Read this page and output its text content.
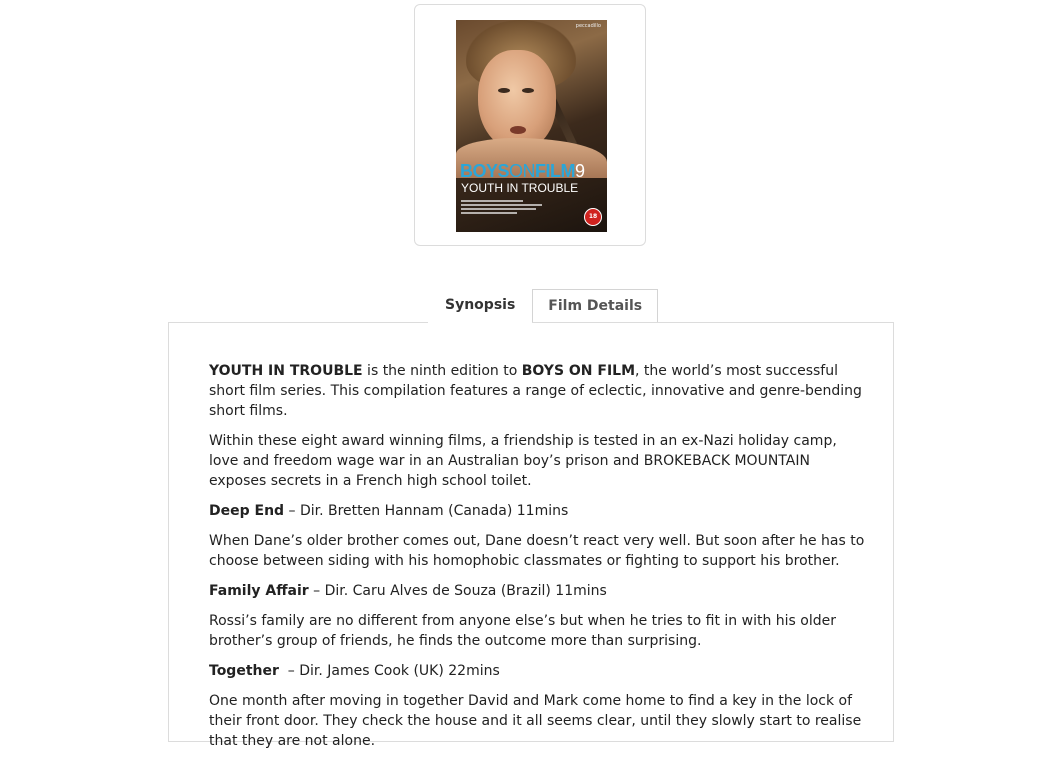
peccadillo
BOYSONFILM9
YOUTH IN TROUBLE
18
Synopsis	Film Details

YOUTH IN TROUBLE is the ninth edition to BOYS ON FILM, the world’s most successful short film series. This compilation features a range of eclectic, innovative and genre-bending short films.

Within these eight award winning films, a friendship is tested in an ex-Nazi holiday camp, love and freedom wage war in an Australian boy’s prison and BROKEBACK MOUNTAIN exposes secrets in a French high school toilet.

Deep End – Dir. Bretten Hannam (Canada) 11mins

When Dane’s older brother comes out, Dane doesn’t react very well. But soon after he has to choose between siding with his homophobic classmates or fighting to support his brother.

Family Affair – Dir. Caru Alves de Souza (Brazil) 11mins

Rossi’s family are no different from anyone else’s but when he tries to fit in with his older brother’s group of friends, he finds the outcome more than surprising.

Together  – Dir. James Cook (UK) 22mins

One month after moving in together David and Mark come home to find a key in the lock of their front door. They check the house and it all seems clear, until they slowly start to realise that they are not alone.
